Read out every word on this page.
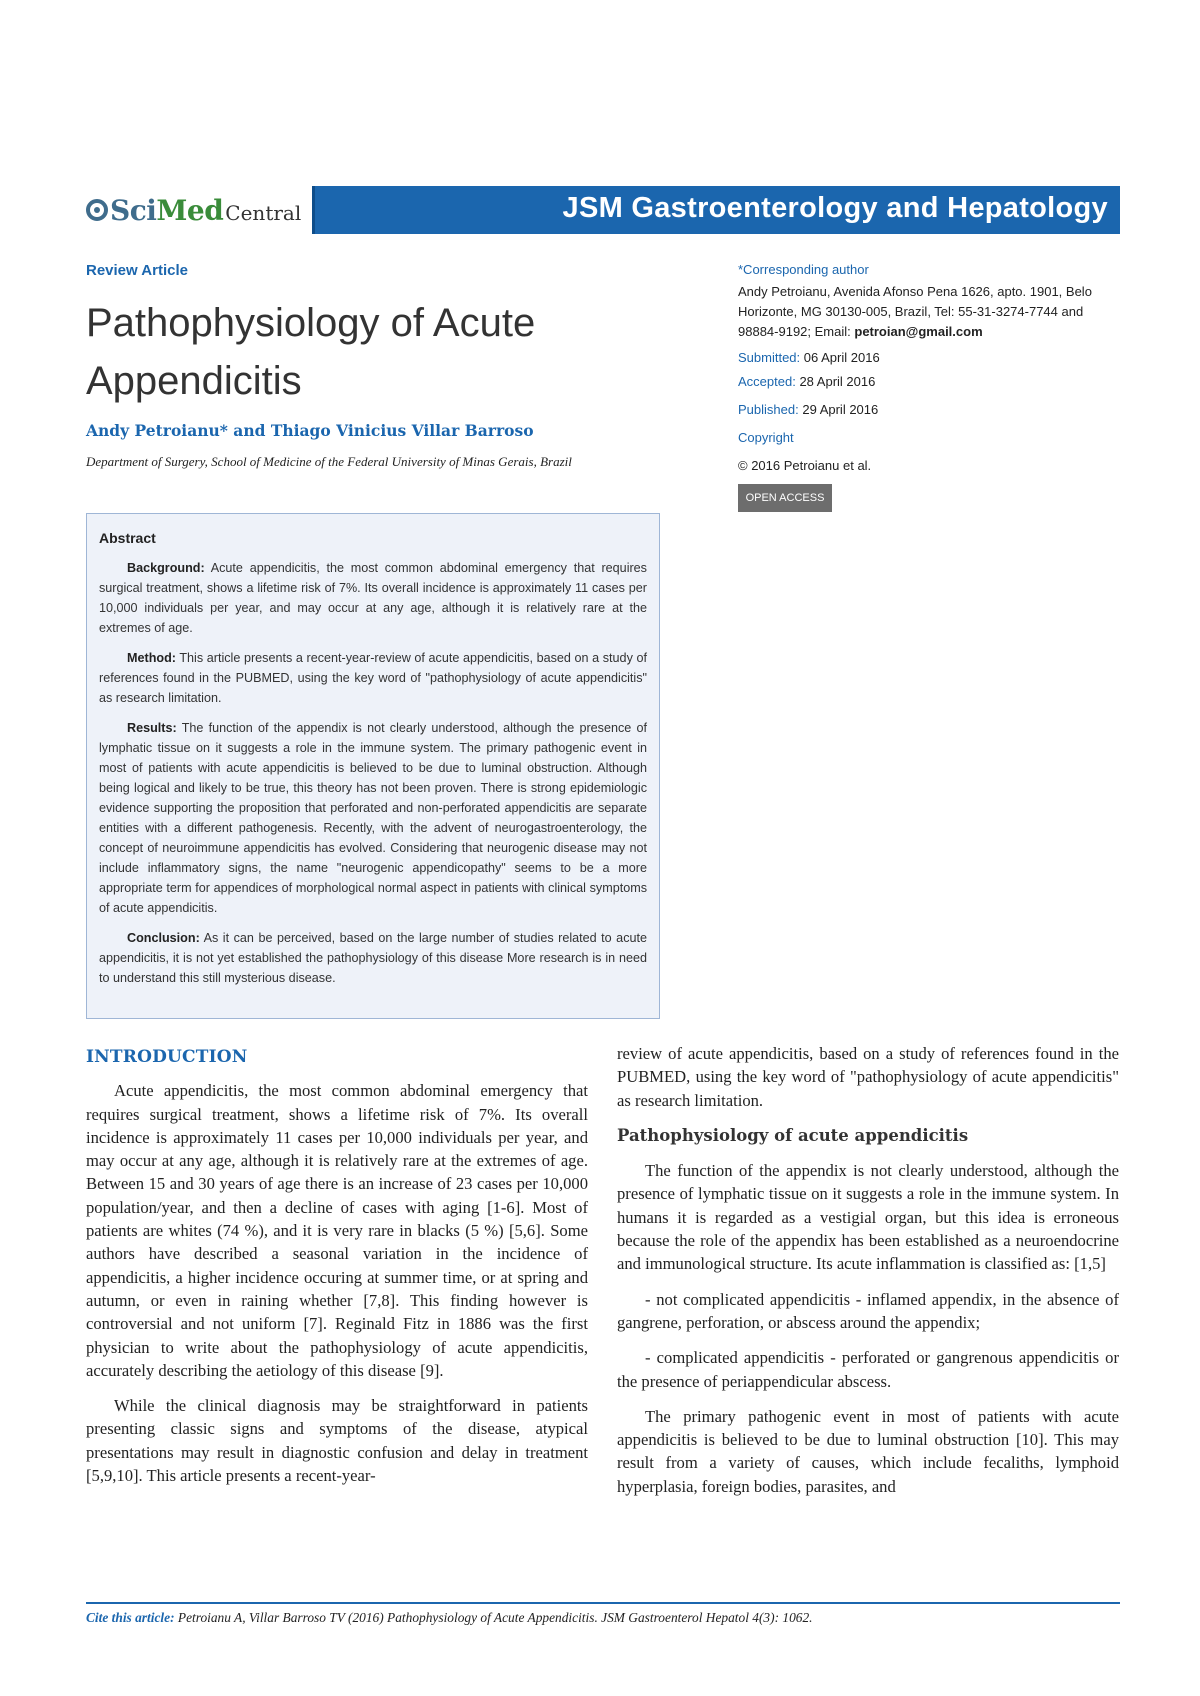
Sci Med Central	JSM Gastroenterology and Hepatology
Review Article
Pathophysiology of Acute Appendicitis
Andy Petroianu* and Thiago Vinicius Villar Barroso
Department of Surgery, School of Medicine of the Federal University of Minas Gerais, Brazil
*Corresponding author
Andy Petroianu, Avenida Afonso Pena 1626, apto. 1901, Belo Horizonte, MG 30130-005, Brazil, Tel: 55-31-3274-7744 and 98884-9192; Email: petroian@gmail.com
Submitted: 06 April 2016
Accepted: 28 April 2016
Published: 29 April 2016
Copyright
© 2016 Petroianu et al.
OPEN ACCESS
Abstract

Background: Acute appendicitis, the most common abdominal emergency that requires surgical treatment, shows a lifetime risk of 7%. Its overall incidence is approximately 11 cases per 10,000 individuals per year, and may occur at any age, although it is relatively rare at the extremes of age.

Method: This article presents a recent-year-review of acute appendicitis, based on a study of references found in the PUBMED, using the key word of "pathophysiology of acute appendicitis" as research limitation.

Results: The function of the appendix is not clearly understood, although the presence of lymphatic tissue on it suggests a role in the immune system. The primary pathogenic event in most of patients with acute appendicitis is believed to be due to luminal obstruction. Although being logical and likely to be true, this theory has not been proven. There is strong epidemiologic evidence supporting the proposition that perforated and non-perforated appendicitis are separate entities with a different pathogenesis. Recently, with the advent of neurogastroenterology, the concept of neuroimmune appendicitis has evolved. Considering that neurogenic disease may not include inflammatory signs, the name "neurogenic appendicopathy" seems to be a more appropriate term for appendices of morphological normal aspect in patients with clinical symptoms of acute appendicitis.

Conclusion: As it can be perceived, based on the large number of studies related to acute appendicitis, it is not yet established the pathophysiology of this disease More research is in need to understand this still mysterious disease.

INTRODUCTION

Acute appendicitis, the most common abdominal emergency that requires surgical treatment, shows a lifetime risk of 7%. Its overall incidence is approximately 11 cases per 10,000 individuals per year, and may occur at any age, although it is relatively rare at the extremes of age. Between 15 and 30 years of age there is an increase of 23 cases per 10,000 population/year, and then a decline of cases with aging [1-6]. Most of patients are whites (74 %), and it is very rare in blacks (5 %) [5,6]. Some authors have described a seasonal variation in the incidence of appendicitis, a higher incidence occuring at summer time, or at spring and autumn, or even in raining whether [7,8]. This finding however is controversial and not uniform [7]. Reginald Fitz in 1886 was the first physician to write about the pathophysiology of acute appendicitis, accurately describing the aetiology of this disease [9].

While the clinical diagnosis may be straightforward in patients presenting classic signs and symptoms of the disease, atypical presentations may result in diagnostic confusion and delay in treatment [5,9,10]. This article presents a recent-year-

review of acute appendicitis, based on a study of references found in the PUBMED, using the key word of "pathophysiology of acute appendicitis" as research limitation.

Pathophysiology of acute appendicitis

The function of the appendix is not clearly understood, although the presence of lymphatic tissue on it suggests a role in the immune system. In humans it is regarded as a vestigial organ, but this idea is erroneous because the role of the appendix has been established as a neuroendocrine and immunological structure. Its acute inflammation is classified as: [1,5]

- not complicated appendicitis - inflamed appendix, in the absence of gangrene, perforation, or abscess around the appendix;

- complicated appendicitis - perforated or gangrenous appendicitis or the presence of periappendicular abscess.

The primary pathogenic event in most of patients with acute appendicitis is believed to be due to luminal obstruction [10]. This may result from a variety of causes, which include fecaliths, lymphoid hyperplasia, foreign bodies, parasites, and

Cite this article: Petroianu A, Villar Barroso TV (2016) Pathophysiology of Acute Appendicitis. JSM Gastroenterol Hepatol 4(3): 1062.
